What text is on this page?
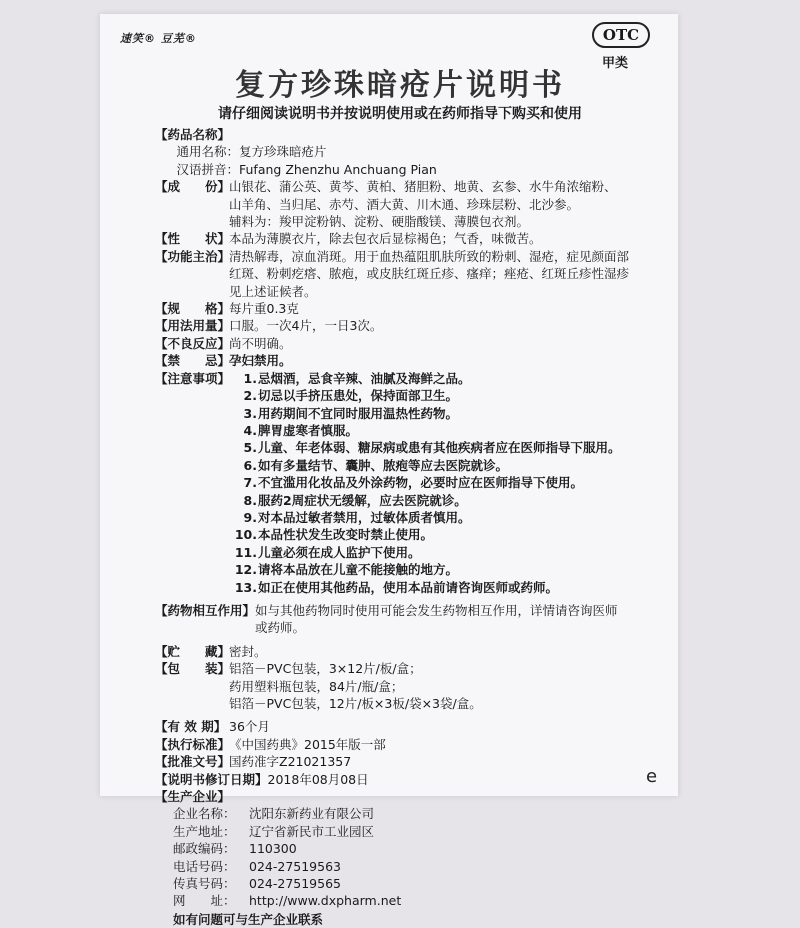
速笑® 豆芜®	OTC
甲类
复方珍珠暗疮片说明书
请仔细阅读说明书并按说明使用或在药师指导下购买和使用
【药品名称】
通用名称： 复方珍珠暗疮片
汉语拼音： Fufang Zhenzhu Anchuang Pian
【成　　份】
山银花、蒲公英、黄芩、黄柏、猪胆粉、地黄、玄参、水牛角浓缩粉、
山羊角、当归尾、赤芍、酒大黄、川木通、珍珠层粉、北沙参。
辅料为：羧甲淀粉钠、淀粉、硬脂酸镁、薄膜包衣剂。
【性　　状】
本品为薄膜衣片，除去包衣后显棕褐色；气香，味微苦。
【功能主治】
清热解毒，凉血消斑。用于血热蕴阻肌肤所致的粉刺、湿疮，症见颜面部
红斑、粉刺疙瘩、脓疱，或皮肤红斑丘疹、瘙痒；痤疮、红斑丘疹性湿疹
见上述证候者。
【规　　格】
每片重0.3克
【用法用量】
口服。一次4片，一日3次。
【不良反应】
尚不明确。
【禁　　忌】
孕妇禁用。
【注意事项】	1. 忌烟酒，忌食辛辣、油腻及海鲜之品。
2. 切忌以手挤压患处，保持面部卫生。
3. 用药期间不宜同时服用温热性药物。
4. 脾胃虚寒者慎服。
5. 儿童、年老体弱、糖尿病或患有其他疾病者应在医师指导下服用。
6. 如有多量结节、囊肿、脓疱等应去医院就诊。
7. 不宜滥用化妆品及外涂药物，必要时应在医师指导下使用。
8. 服药2周症状无缓解，应去医院就诊。
9. 对本品过敏者禁用，过敏体质者慎用。
10. 本品性状发生改变时禁止使用。
11. 儿童必须在成人监护下使用。
12. 请将本品放在儿童不能接触的地方。
13. 如正在使用其他药品，使用本品前请咨询医师或药师。
【药物相互作用】 如与其他药物同时使用可能会发生药物相互作用，详情请咨询医师
或药师。
【贮　　藏】
密封。
【包　　装】
铝箔－PVC包装，3×12片/板/盒；
药用塑料瓶包装，84片/瓶/盒；
铝箔－PVC包装，12片/板×3板/袋×3袋/盒。
【有 效 期】 36个月
【执行标准】
《中国药典》2015年版一部
【批准文号】
国药准字Z21021357
【说明书修订日期】 2018年08月08日
【生产企业】
企业名称：	沈阳东新药业有限公司
生产地址：	辽宁省新民市工业园区
邮政编码：	110300
电话号码：	024-27519563
传真号码：	024-27519565
网　　址：	http://www.dxpharm.net
如有问题可与生产企业联系
e
